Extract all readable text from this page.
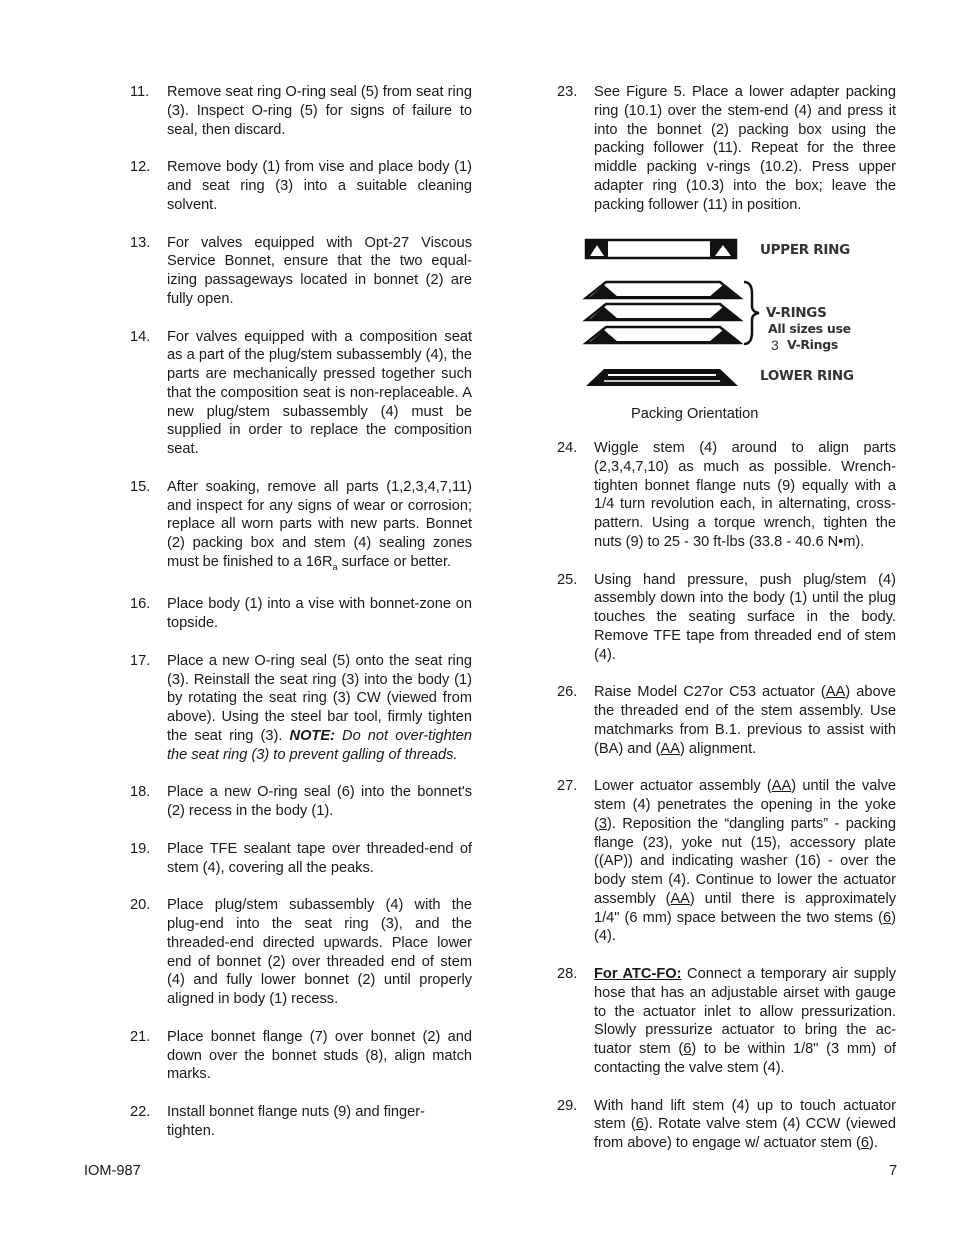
11.	Remove seat ring O-ring seal (5) from seat ring (3). Inspect O-ring (5) for signs of failure to seal, then discard.
12.	Remove body (1) from vise and place body (1) and seat ring (3) into a suitable cleaning solvent.
13.	For valves equipped with Opt-27 Viscous Service Bonnet, ensure that the two equal-izing passageways located in bonnet (2) are fully open.
14.	For valves equipped with a composition seat as a part of the plug/stem subassembly (4), the parts are mechanically pressed together such that the composition seat is non-replaceable. A new plug/stem subassembly (4) must be supplied in order to replace the composition seat.
15.	After soaking, remove all parts (1,2,3,4,7,11) and inspect for any signs of wear or corrosion; replace all worn parts with new parts. Bonnet (2) packing box and stem (4) sealing zones must be finished to a $16R_a$ surface or better.
16.	Place body (1) into a vise with bonnet-zone on topside.
17.	Place a new O-ring seal (5) onto the seat ring (3). Reinstall the seat ring (3) into the body (1) by rotating the seat ring (3) CW (viewed from above). Using the steel bar tool, firmly tighten the seat ring (3). NOTE: Do not over-tighten the seat ring (3) to prevent galling of threads.
18.	Place a new O-ring seal (6) into the bonnet's (2) recess in the body (1).
19.	Place TFE sealant tape over threaded-end of stem (4), covering all the peaks.
20.	Place plug/stem subassembly (4) with the plug-end into the seat ring (3), and the threaded-end directed upwards. Place lower end of bonnet (2) over threaded end of stem (4) and fully lower bonnet (2) until properly aligned in body (1) recess.
21.	Place bonnet flange (7) over bonnet (2) and down over the bonnet studs (8), align match marks.
22.	Install bonnet flange nuts (9) and finger-tighten.
23.	See Figure 5. Place a lower adapter packing ring (10.1) over the stem-end (4) and press it into the bonnet (2) packing box using the packing follower (11). Repeat for the three middle packing v-rings (10.2). Press upper adapter ring (10.3) into the box; leave the packing follower (11) in position.
UPPER RING
V-RINGS
All sizes use
3 V-Rings
LOWER RING
Packing Orientation
24.	Wiggle stem (4) around to align parts (2,3,4,7,10) as much as possible. Wrench-tighten bonnet flange nuts (9) equally with a 1/4 turn revolution each, in alternating, cross-pattern. Using a torque wrench, tighten the nuts (9) to 25 - 30 ft-lbs (33.8 - 40.6 N•m).
25.	Using hand pressure, push plug/stem (4) assembly down into the body (1) until the plug touches the seating surface in the body. Remove TFE tape from threaded end of stem (4).
26.	Raise Model C27or C53 actuator (AA) above the threaded end of the stem assembly. Use matchmarks from B.1. previous to assist with (BA) and (AA) alignment.
27.	Lower actuator assembly (AA) until the valve stem (4) penetrates the opening in the yoke (3). Reposition the “dangling parts” - packing flange (23), yoke nut (15), accessory plate ((AP)) and indicating washer (16) - over the body stem (4). Continue to lower the actuator assembly (AA) until there is approximately 1/4" (6 mm) space between the two stems (6) (4).
28.	For ATC-FO: Connect a temporary air supply hose that has an adjustable airset with gauge to the actuator inlet to allow pressurization. Slowly pressurize actuator to bring the ac-tuator stem (6) to be within 1/8" (3 mm) of contacting the valve stem (4).
29.	With hand lift stem (4) up to touch actuator stem (6). Rotate valve stem (4) CCW (viewed from above) to engage w/ actuator stem (6).
IOM-987	7
